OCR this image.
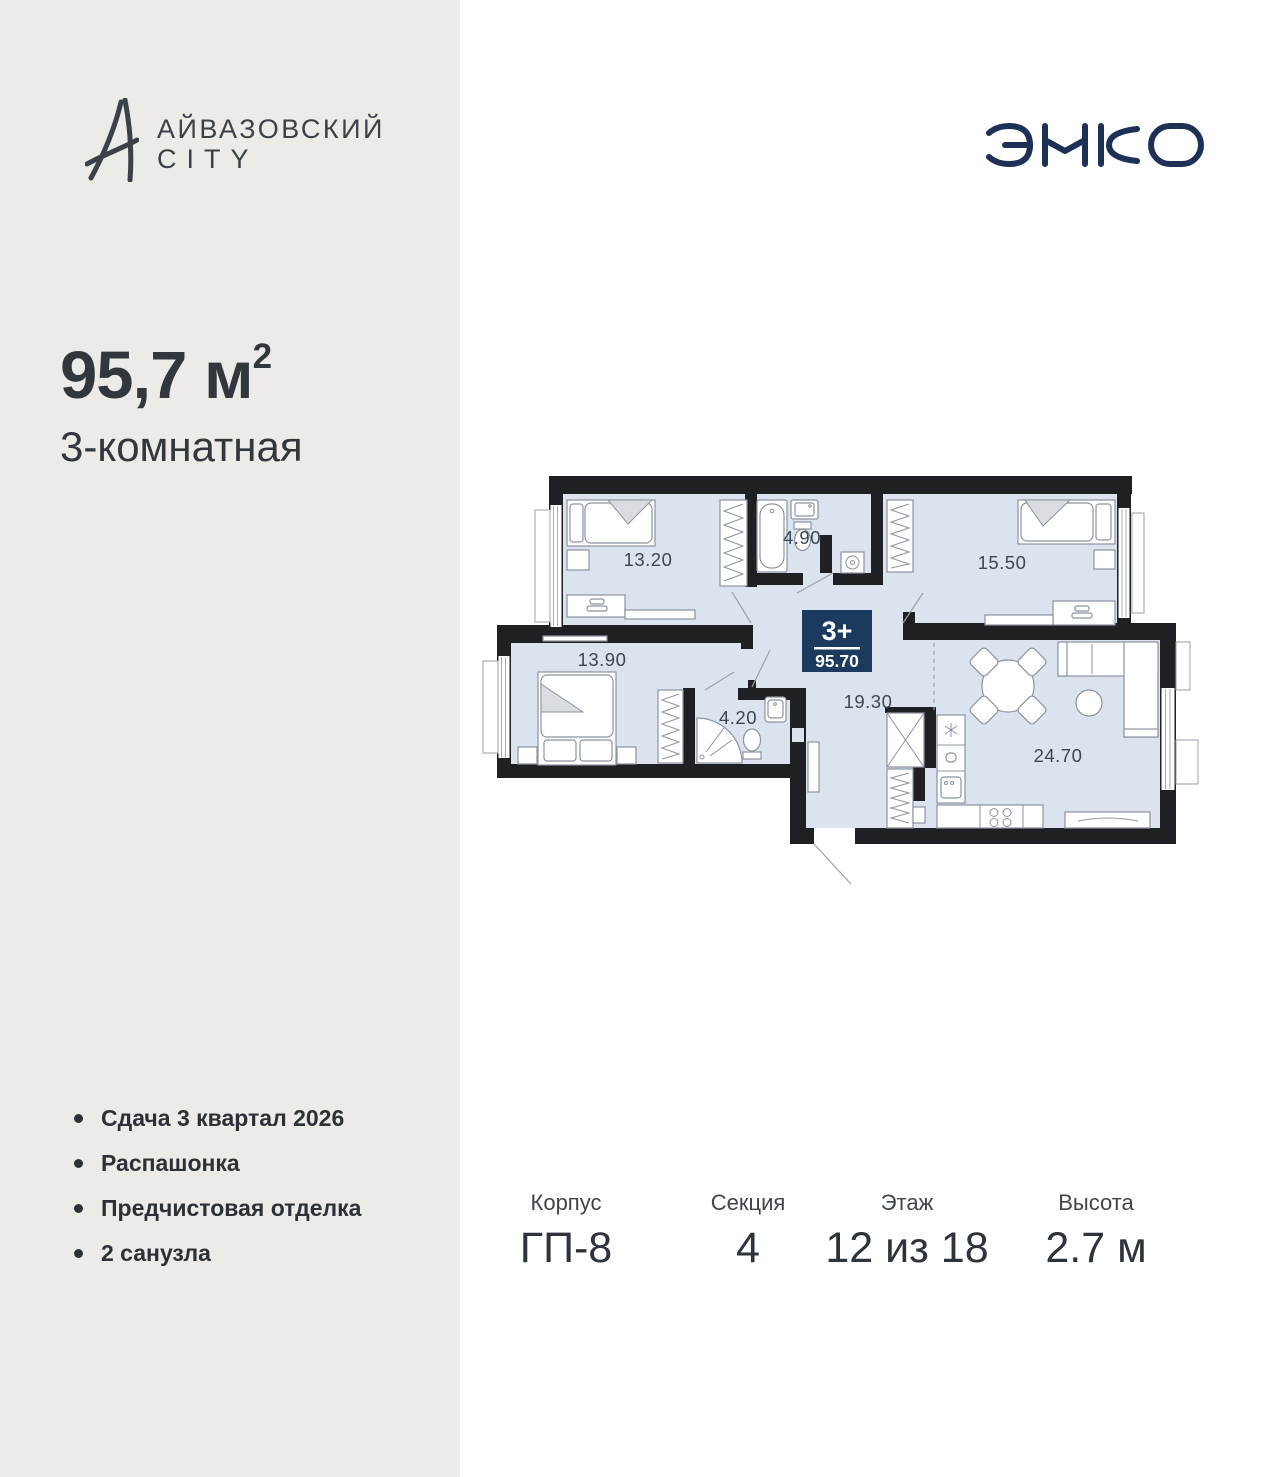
АЙВАЗОВСКИЙ
CITY
95,7 $м^2$
3-комнатная
Сдача 3 квартал 2026
Распашонка
Предчистовая отделка
2 санузла
13.20
4.90
15.50
13.90
4.20
19.30
24.70
3+
95.70
Корпус
ГП-8
Секция
4
Этаж
12 из 18
Высота
2.7 м
